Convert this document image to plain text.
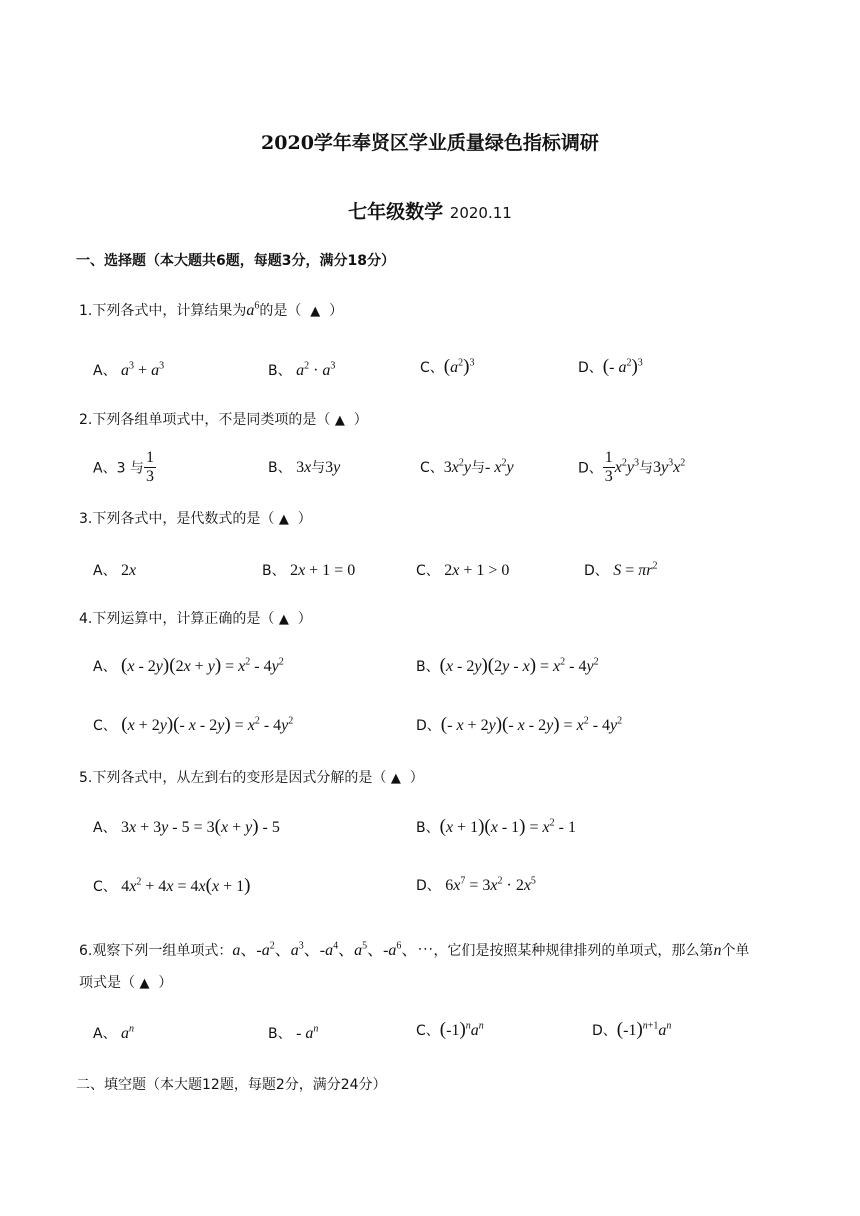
2020学年奉贤区学业质量绿色指标调研
七年级数学 2020.11
一、选择题（本大题共6题，每题3分，满分18分）
1.下列各式中，计算结果为$a^6$的是（ ▲ ）
A、 $a^3 + a^3$	B、 $a^2 \cdot a^3$	C、$(a^2)^3$	D、(- $a^2)^3$
2.下列各组单项式中，不是同类项的是（ ▲ ）
A、3 与 $\frac{1}{3}$	B、 3x与3y	C、$3x^2y$与- $x^2y$	D、 $\frac{1}{3} x^2y^3$与$3y^3x^2$
3.下列各式中，是代数式的是（ ▲ ）
A、 2x	B、 2x + 1 = 0	C、 2x + 1 > 0	D、 $S = \pi r^2$
4.下列运算中，计算正确的是（ ▲ ）
A、 $(x - 2y)(2x + y) = x^2 - 4y^2$	B、$(x - 2y)(2y - x) = x^2 - 4y^2$
C、 (x + 2y)(- $x - 2y) = x^2 - 4y^2$	D、(- x + 2y)(- $x - 2y) = x^2 - 4y^2$
5.下列各式中，从左到右的变形是因式分解的是（ ▲ ）
A、 3x + 3y - 5 = 3(x + y) - 5	B、$(x + 1)(x - 1) = x^2 - 1$
C、 $4x^2 + 4x = 4x(x + 1)$	D、 $6x^7 = 3x^2 \cdot 2x^5$
6.观察下列一组单项式：a、$-a^2$、$a^3$、$-a^4$、$a^5$、$-a^6$、⋯，它们是按照某种规律排列的单项式，那么第n个单
项式是（ ▲ ）
A、 $a^n$	B、 - $a^n$	C、$(-1)^na^n$	D、$(-1)^{n+1}a^n$
二、填空题（本大题12题，每题2分，满分24分）
